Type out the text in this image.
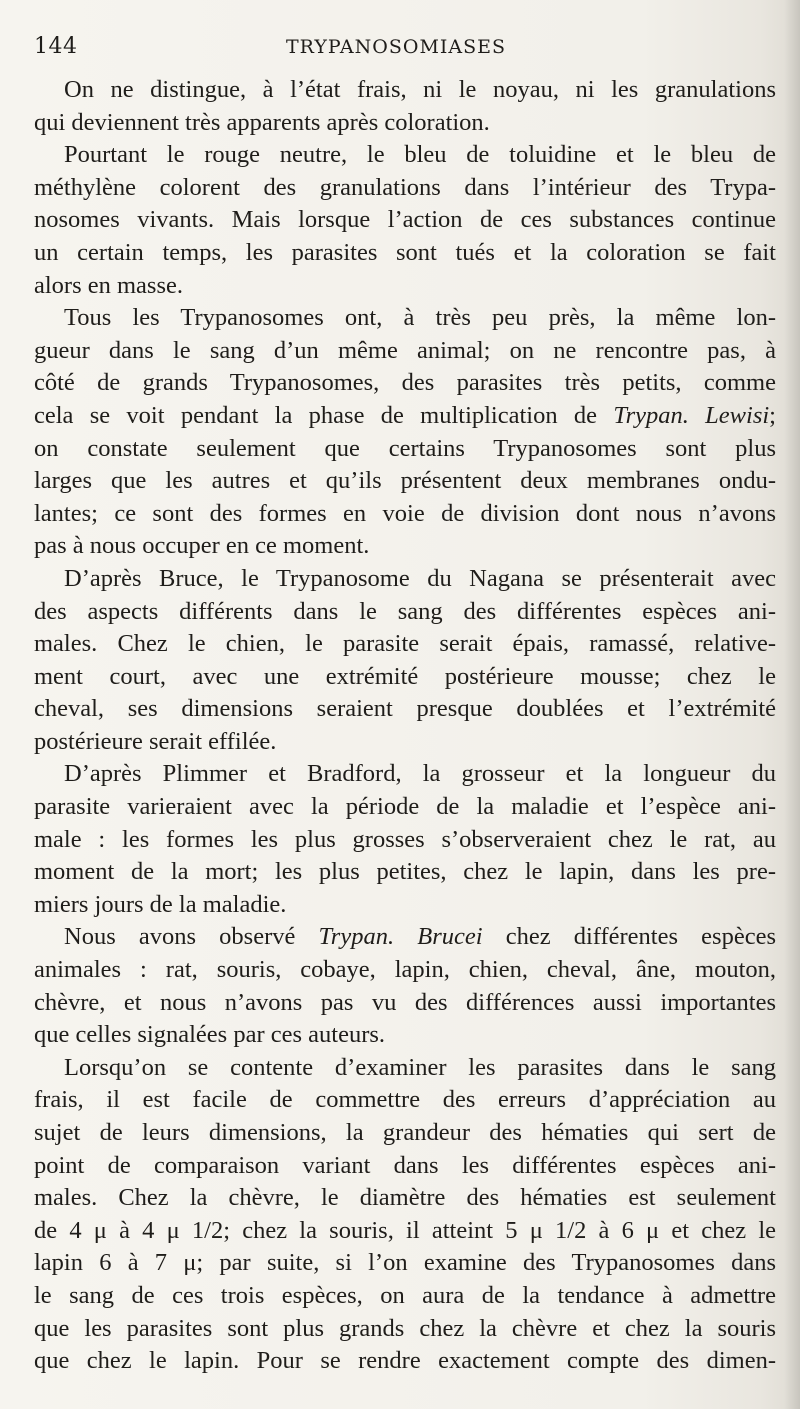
144	TRYPANOSOMIASES
On ne distingue, à l’état frais, ni le noyau, ni les granulations
qui deviennent très apparents après coloration.
Pourtant le rouge neutre, le bleu de toluidine et le bleu de
méthylène colorent des granulations dans l’intérieur des Trypa-
nosomes vivants. Mais lorsque l’action de ces substances continue
un certain temps, les parasites sont tués et la coloration se fait
alors en masse.
Tous les Trypanosomes ont, à très peu près, la même lon-
gueur dans le sang d’un même animal; on ne rencontre pas, à
côté de grands Trypanosomes, des parasites très petits, comme
cela se voit pendant la phase de multiplication de Trypan. Lewisi;
on constate seulement que certains Trypanosomes sont plus
larges que les autres et qu’ils présentent deux membranes ondu-
lantes; ce sont des formes en voie de division dont nous n’avons
pas à nous occuper en ce moment.
D’après Bruce, le Trypanosome du Nagana se présenterait avec
des aspects différents dans le sang des différentes espèces ani-
males. Chez le chien, le parasite serait épais, ramassé, relative-
ment court, avec une extrémité postérieure mousse; chez le
cheval, ses dimensions seraient presque doublées et l’extrémité
postérieure serait effilée.
D’après Plimmer et Bradford, la grosseur et la longueur du
parasite varieraient avec la période de la maladie et l’espèce ani-
male : les formes les plus grosses s’observeraient chez le rat, au
moment de la mort; les plus petites, chez le lapin, dans les pre-
miers jours de la maladie.
Nous avons observé Trypan. Brucei chez différentes espèces
animales : rat, souris, cobaye, lapin, chien, cheval, âne, mouton,
chèvre, et nous n’avons pas vu des différences aussi importantes
que celles signalées par ces auteurs.
Lorsqu’on se contente d’examiner les parasites dans le sang
frais, il est facile de commettre des erreurs d’appréciation au
sujet de leurs dimensions, la grandeur des hématies qui sert de
point de comparaison variant dans les différentes espèces ani-
males. Chez la chèvre, le diamètre des hématies est seulement
de 4 μ à 4 μ 1/2; chez la souris, il atteint 5 μ 1/2 à 6 μ et chez le
lapin 6 à 7 μ; par suite, si l’on examine des Trypanosomes dans
le sang de ces trois espèces, on aura de la tendance à admettre
que les parasites sont plus grands chez la chèvre et chez la souris
que chez le lapin. Pour se rendre exactement compte des dimen-
